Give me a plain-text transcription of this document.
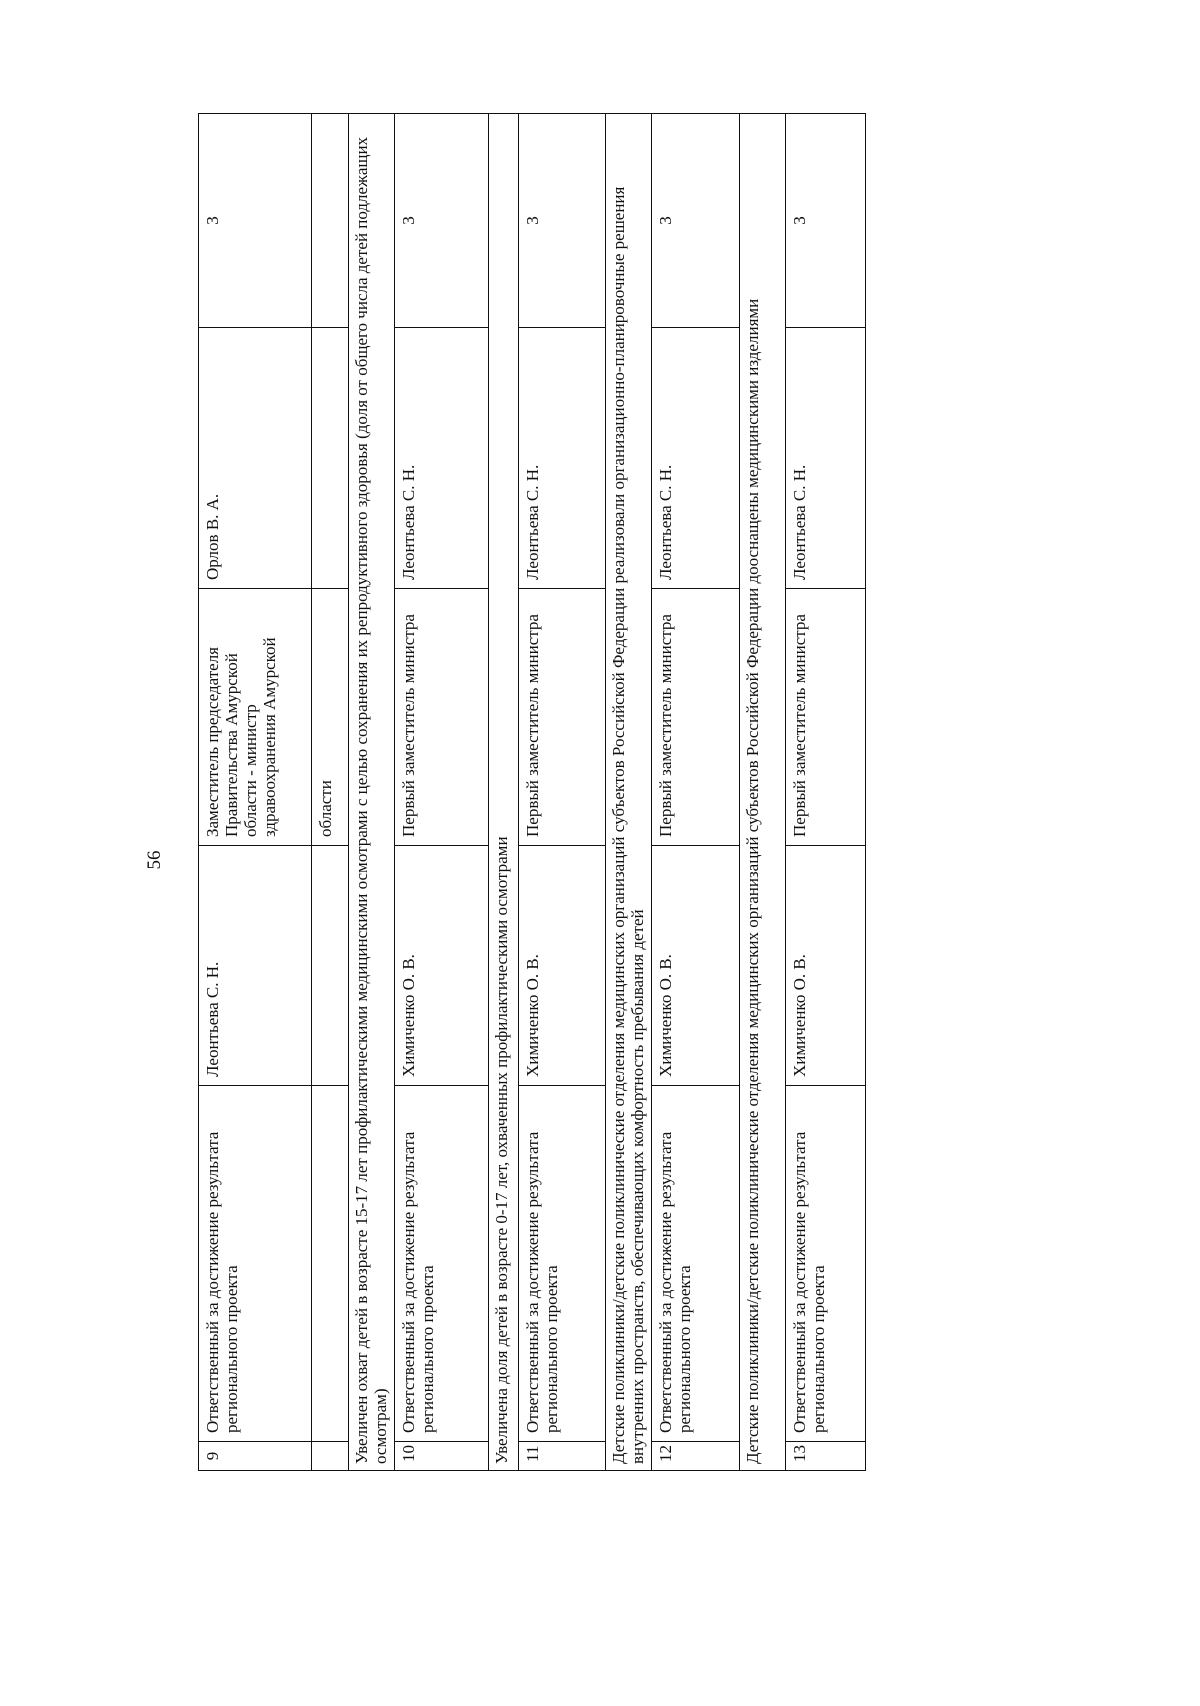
56
9	Ответственный за достижение результата регионального проекта	Леонтьева С. Н.	Заместитель председателя Правительства Амурской области - министр здравоохранения Амурской	Орлов В. А.	3
			области		
Увеличен охват детей в возрасте 15-17 лет профилактическими медицинскими осмотрами с целью сохранения их репродуктивного здоровья (доля от общего числа детей подлежащих осмотрам)					
10	Ответственный за достижение результата регионального проекта	Химиченко О. В.	Первый заместитель министра	Леонтьева С. Н.	3
Увеличена доля детей в возрасте 0-17 лет, охваченных профилактическими осмотрами					
11	Ответственный за достижение результата регионального проекта	Химиченко О. В.	Первый заместитель министра	Леонтьева С. Н.	3
Детские поликлиники/детские поликлинические отделения медицинских организаций субъектов Российской Федерации реализовали организационно-планировочные решения внутренних пространств, обеспечивающих комфортность пребывания детей					
12	Ответственный за достижение результата регионального проекта	Химиченко О. В.	Первый заместитель министра	Леонтьева С. Н.	3
Детские поликлиники/детские поликлинические отделения медицинских организаций субъектов Российской Федерации дооснащены медицинскими изделиями					
13	Ответственный за достижение результата регионального проекта	Химиченко О. В.	Первый заместитель министра	Леонтьева С. Н.	3
